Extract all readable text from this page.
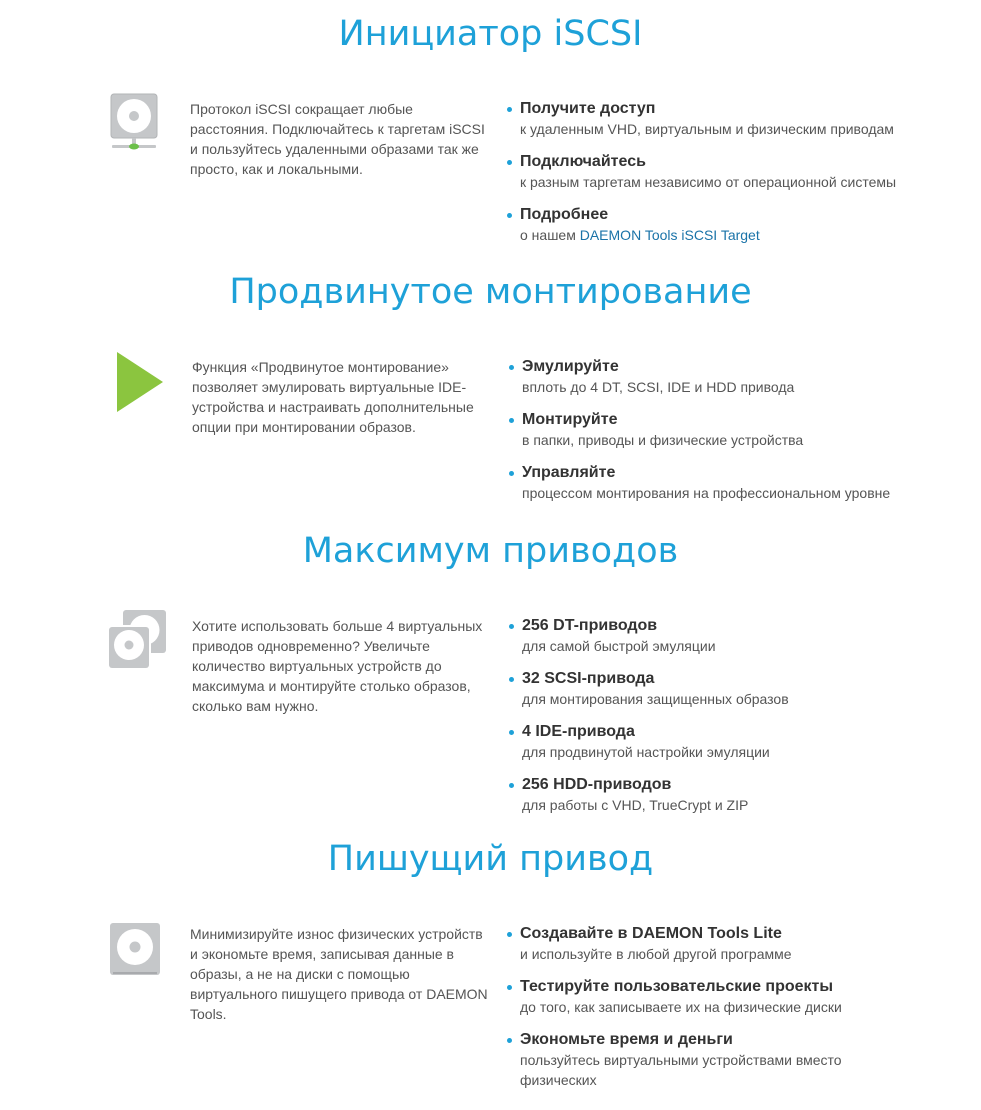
Инициатор iSCSI

Протокол iSCSI сокращает любые расстояния. Подключайтесь к таргетам iSCSI и пользуйтесь удаленными образами так же просто, как и локальными.

Получите доступ
к удаленным VHD, виртуальным и физическим приводам
Подключайтесь
к разным таргетам независимо от операционной системы
Подробнее
о нашем DAEMON Tools iSCSI Target
Продвинутое монтирование

Функция «Продвинутое монтирование» позволяет эмулировать виртуальные IDE-устройства и настраивать дополнительные опции при монтировании образов.

Эмулируйте
вплоть до 4 DT, SCSI, IDE и HDD привода
Монтируйте
в папки, приводы и физические устройства
Управляйте
процессом монтирования на профессиональном уровне
Максимум приводов

Хотите использовать больше 4 виртуальных приводов одновременно? Увеличьте количество виртуальных устройств до максимума и монтируйте столько образов, сколько вам нужно.

256 DT-приводов
для самой быстрой эмуляции
32 SCSI-привода
для монтирования защищенных образов
4 IDE-привода
для продвинутой настройки эмуляции
256 HDD-приводов
для работы с VHD, TrueCrypt и ZIP
Пишущий привод

Минимизируйте износ физических устройств и экономьте время, записывая данные в образы, а не на диски с помощью виртуального пишущего привода от DAEMON Tools.

Создавайте в DAEMON Tools Lite
и используйте в любой другой программе
Тестируйте пользовательские проекты
до того, как записываете их на физические диски
Экономьте время и деньги
пользуйтесь виртуальными устройствами вместо физических
